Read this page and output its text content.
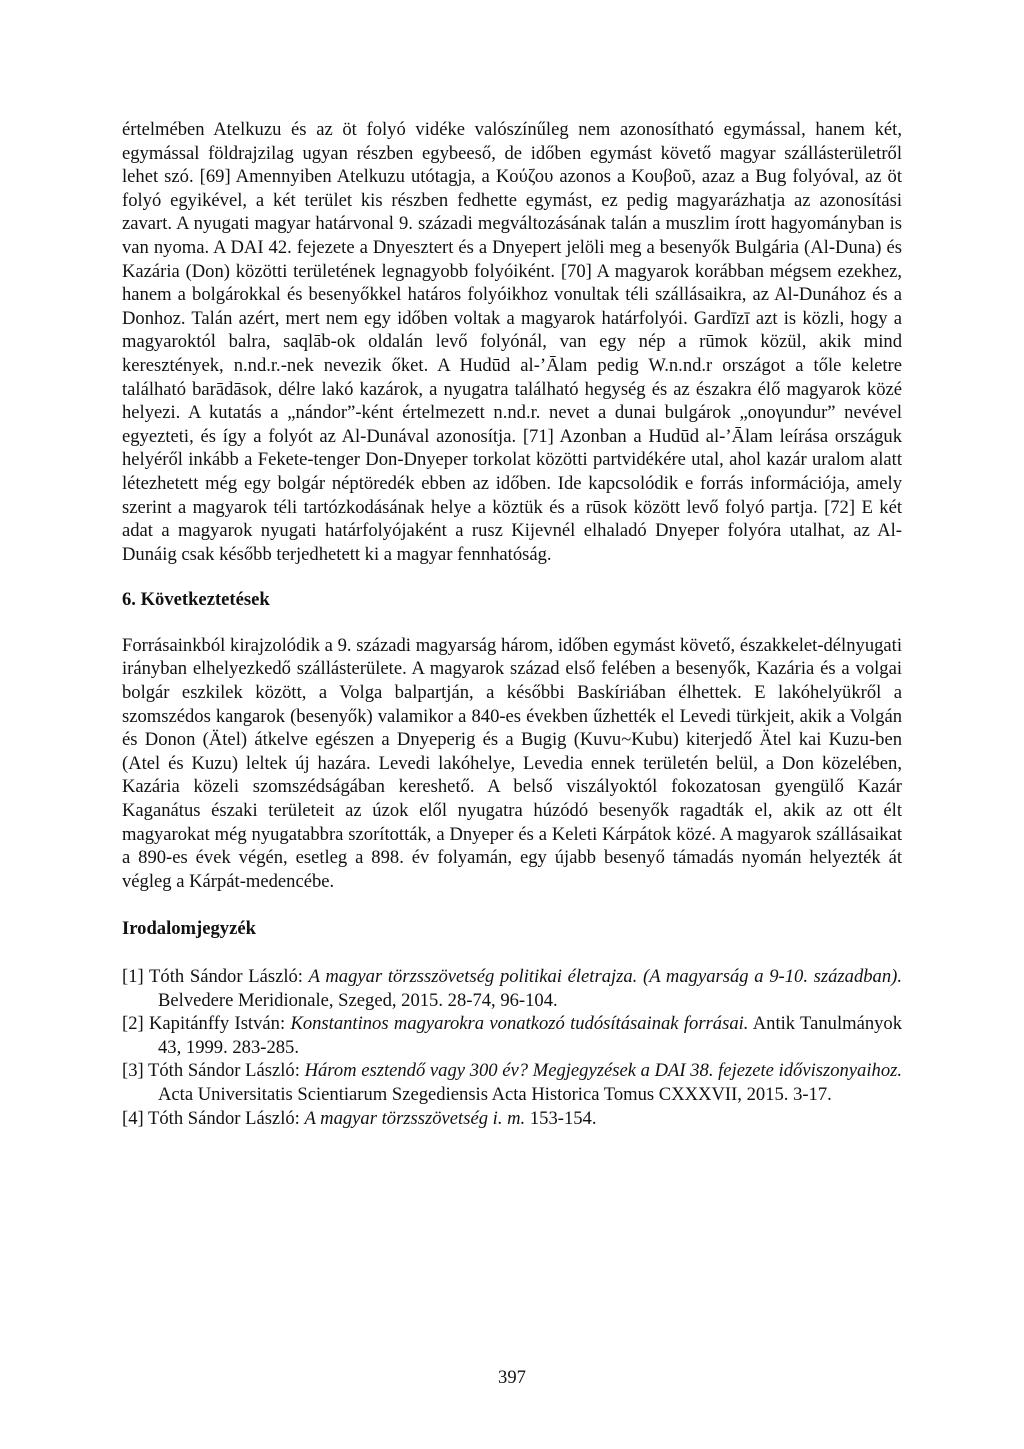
értelmében Atelkuzu és az öt folyó vidéke valószínűleg nem azonosítható egymással, hanem két, egymással földrajzilag ugyan részben egybeeső, de időben egymást követő magyar szállásterületről lehet szó. [69] Amennyiben Atelkuzu utótagja, a Κούζου azonos a Κουβοῦ, azaz a Bug folyóval, az öt folyó egyikével, a két terület kis részben fedhette egymást, ez pedig magyarázhatja az azonosítási zavart. A nyugati magyar határvonal 9. századi megváltozásának talán a muszlim írott hagyományban is van nyoma. A DAI 42. fejezete a Dnyesztert és a Dnyepert jelöli meg a besenyők Bulgária (Al-Duna) és Kazária (Don) közötti területének legnagyobb folyóiként. [70] A magyarok korábban mégsem ezekhez, hanem a bolgárokkal és besenyőkkel határos folyóikhoz vonultak téli szállásaikra, az Al-Dunához és a Donhoz. Talán azért, mert nem egy időben voltak a magyarok határfolyói. Gardīzī azt is közli, hogy a magyaroktól balra, saqlāb-ok oldalán levő folyónál, van egy nép a rūmok közül, akik mind keresztények, n.nd.r.-nek nevezik őket. A Hudūd al-’Ālam pedig W.n.nd.r országot a tőle keletre található barādāsok, délre lakó kazárok, a nyugatra található hegység és az északra élő magyarok közé helyezi. A kutatás a „nándor”-ként értelmezett n.nd.r. nevet a dunai bulgárok „onoγundur” nevével egyezteti, és így a folyót az Al-Dunával azonosítja. [71] Azonban a Hudūd al-’Ālam leírása országuk helyéről inkább a Fekete-tenger Don-Dnyeper torkolat közötti partvidékére utal, ahol kazár uralom alatt létezhetett még egy bolgár néptöredék ebben az időben. Ide kapcsolódik e forrás információja, amely szerint a magyarok téli tartózkodásának helye a köztük és a rūsok között levő folyó partja. [72] E két adat a magyarok nyugati határfolyójaként a rusz Kijevnél elhaladó Dnyeper folyóra utalhat, az Al-Dunáig csak később terjedhetett ki a magyar fennhatóság.

6. Következtetések

Forrásainkból kirajzolódik a 9. századi magyarság három, időben egymást követő, északkelet-délnyugati irányban elhelyezkedő szállásterülete. A magyarok század első felében a besenyők, Kazária és a volgai bolgár eszkilek között, a Volga balpartján, a későbbi Baskíriában élhettek. E lakóhelyükről a szomszédos kangarok (besenyők) valamikor a 840-es években űzhették el Levedi türkjeit, akik a Volgán és Donon (Ätel) átkelve egészen a Dnyeperig és a Bugig (Kuvu~Kubu) kiterjedő Ätel kai Kuzu-ben (Atel és Kuzu) leltek új hazára. Levedi lakóhelye, Levedia ennek területén belül, a Don közelében, Kazária közeli szomszédságában kereshető. A belső viszályoktól fokozatosan gyengülő Kazár Kaganátus északi területeit az úzok elől nyugatra húzódó besenyők ragadták el, akik az ott élt magyarokat még nyugatabbra szorították, a Dnyeper és a Keleti Kárpátok közé. A magyarok szállásaikat a 890-es évek végén, esetleg a 898. év folyamán, egy újabb besenyő támadás nyomán helyezték át végleg a Kárpát-medencébe.

Irodalomjegyzék

[1] Tóth Sándor László: A magyar törzsszövetség politikai életrajza. (A magyarság a 9-10. században). Belvedere Meridionale, Szeged, 2015. 28-74, 96-104.

[2] Kapitánffy István: Konstantinos magyarokra vonatkozó tudósításainak forrásai. Antik Tanulmányok 43, 1999. 283-285.

[3] Tóth Sándor László: Három esztendő vagy 300 év? Megjegyzések a DAI 38. fejezete időviszonyaihoz. Acta Universitatis Scientiarum Szegediensis Acta Historica Tomus CXXXVII, 2015. 3-17.

[4] Tóth Sándor László: A magyar törzsszövetség i. m. 153-154.

397
